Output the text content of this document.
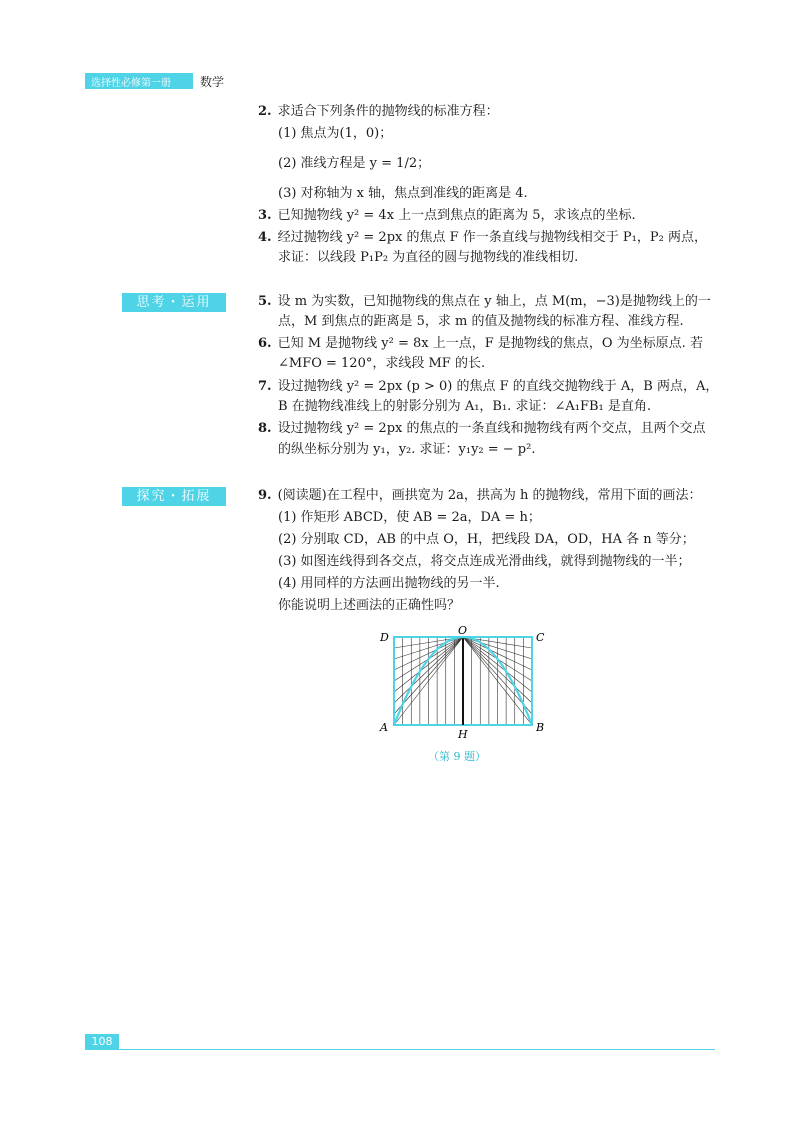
选择性必修第一册 数学
2. 求适合下列条件的抛物线的标准方程：
(1) 焦点为(1，0)；
(2) 准线方程是 y = 1/2；
(3) 对称轴为 x 轴，焦点到准线的距离是 4.
3. 已知抛物线 y² = 4x 上一点到焦点的距离为 5，求该点的坐标.
4. 经过抛物线 y² = 2px 的焦点 F 作一条直线与抛物线相交于 P₁，P₂ 两点，
求证：以线段 P₁P₂ 为直径的圆与抛物线的准线相切.
思考・运用	5. 设 m 为实数，已知抛物线的焦点在 y 轴上，点 M(m，−3)是抛物线上的一
点，M 到焦点的距离是 5，求 m 的值及抛物线的标准方程、准线方程.
6. 已知 M 是抛物线 y² = 8x 上一点，F 是抛物线的焦点，O 为坐标原点. 若
∠MFO = 120°，求线段 MF 的长.
7. 设过抛物线 y² = 2px (p > 0) 的焦点 F 的直线交抛物线于 A，B 两点，A，
B 在抛物线准线上的射影分别为 A₁，B₁. 求证：∠A₁FB₁ 是直角.
8. 设过抛物线 y² = 2px 的焦点的一条直线和抛物线有两个交点，且两个交点
的纵坐标分别为 y₁，y₂. 求证：y₁y₂ = − p².
探究・拓展	9. (阅读题)在工程中，画拱宽为 2a，拱高为 h 的抛物线，常用下面的画法：
(1) 作矩形 ABCD，使 AB = 2a，DA = h；
(2) 分别取 CD，AB 的中点 O，H，把线段 DA，OD，HA 各 n 等分；
(3) 如图连线得到各交点，将交点连成光滑曲线，就得到抛物线的一半；
(4) 用同样的方法画出抛物线的另一半.
你能说明上述画法的正确性吗？
D
O
C
A
H
B
（第 9 题）
108
